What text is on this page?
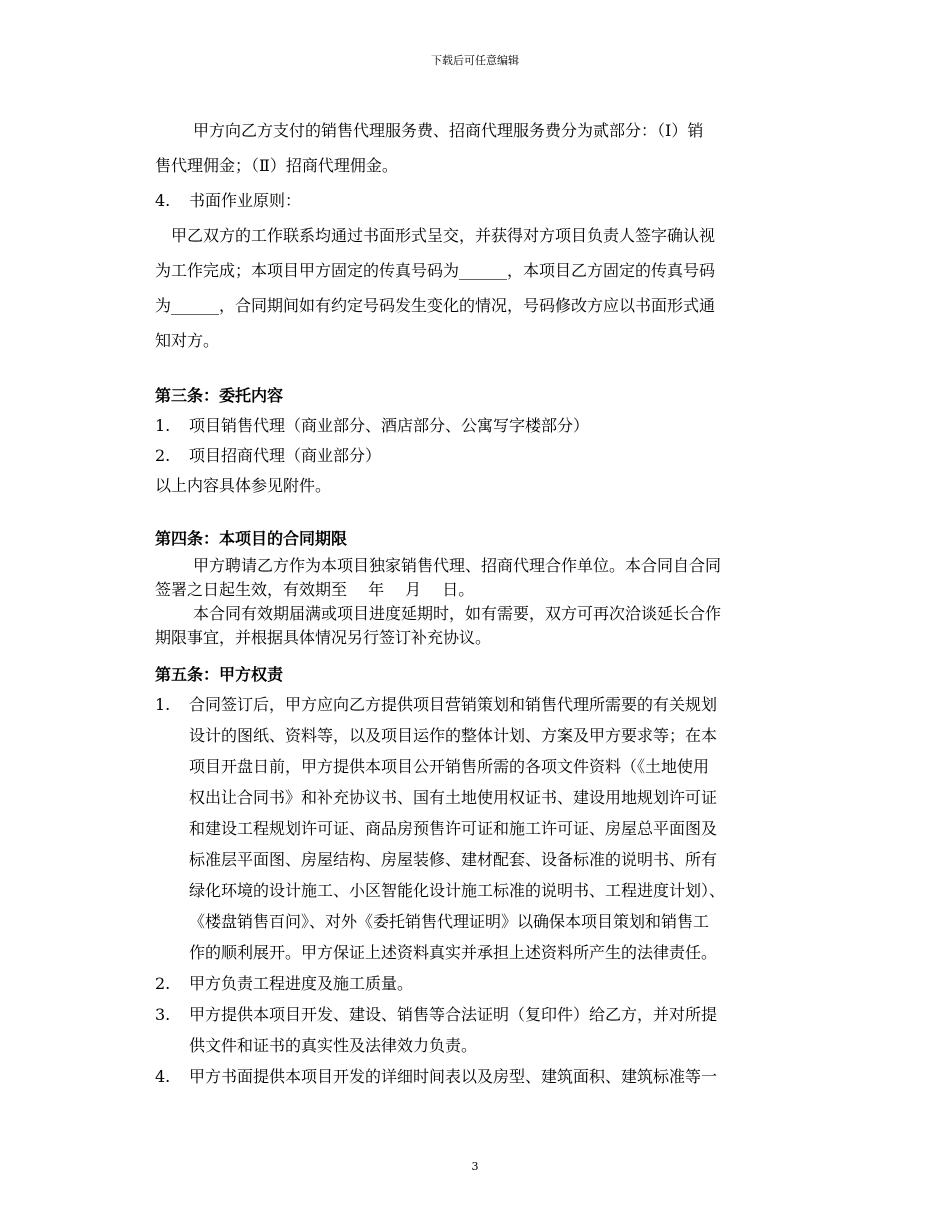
下载后可任意编辑
甲方向乙方支付的销售代理服务费、招商代理服务费分为贰部分：（Ⅰ）销
售代理佣金；（Ⅱ）招商代理佣金。
4. 书面作业原则：
甲乙双方的工作联系均通过书面形式呈交，并获得对方项目负责人签字确认视
为工作完成；本项目甲方固定的传真号码为______，本项目乙方固定的传真号码
为______，合同期间如有约定号码发生变化的情况，号码修改方应以书面形式通
知对方。
第三条：委托内容
1. 项目销售代理（商业部分、酒店部分、公寓写字楼部分）
2. 项目招商代理（商业部分）
以上内容具体参见附件。
第四条：本项目的合同期限
甲方聘请乙方作为本项目独家销售代理、招商代理合作单位。本合同自合同
签署之日起生效，有效期至　 年　 月　 日。
本合同有效期届满或项目进度延期时，如有需要，双方可再次洽谈延长合作
期限事宜，并根据具体情况另行签订补充协议。
第五条：甲方权责
1.	合同签订后，甲方应向乙方提供项目营销策划和销售代理所需要的有关规划
设计的图纸、资料等，以及项目运作的整体计划、方案及甲方要求等；在本
项目开盘日前，甲方提供本项目公开销售所需的各项文件资料（《土地使用
权出让合同书》和补充协议书、国有土地使用权证书、建设用地规划许可证
和建设工程规划许可证、商品房预售许可证和施工许可证、房屋总平面图及
标准层平面图、房屋结构、房屋装修、建材配套、设备标准的说明书、所有
绿化环境的设计施工、小区智能化设计施工标准的说明书、工程进度计划）、
《楼盘销售百问》、对外《委托销售代理证明》以确保本项目策划和销售工
作的顺利展开。甲方保证上述资料真实并承担上述资料所产生的法律责任。
2. 甲方负责工程进度及施工质量。
3.	甲方提供本项目开发、建设、销售等合法证明（复印件）给乙方，并对所提
供文件和证书的真实性及法律效力负责。
4. 甲方书面提供本项目开发的详细时间表以及房型、建筑面积、建筑标准等一
3
